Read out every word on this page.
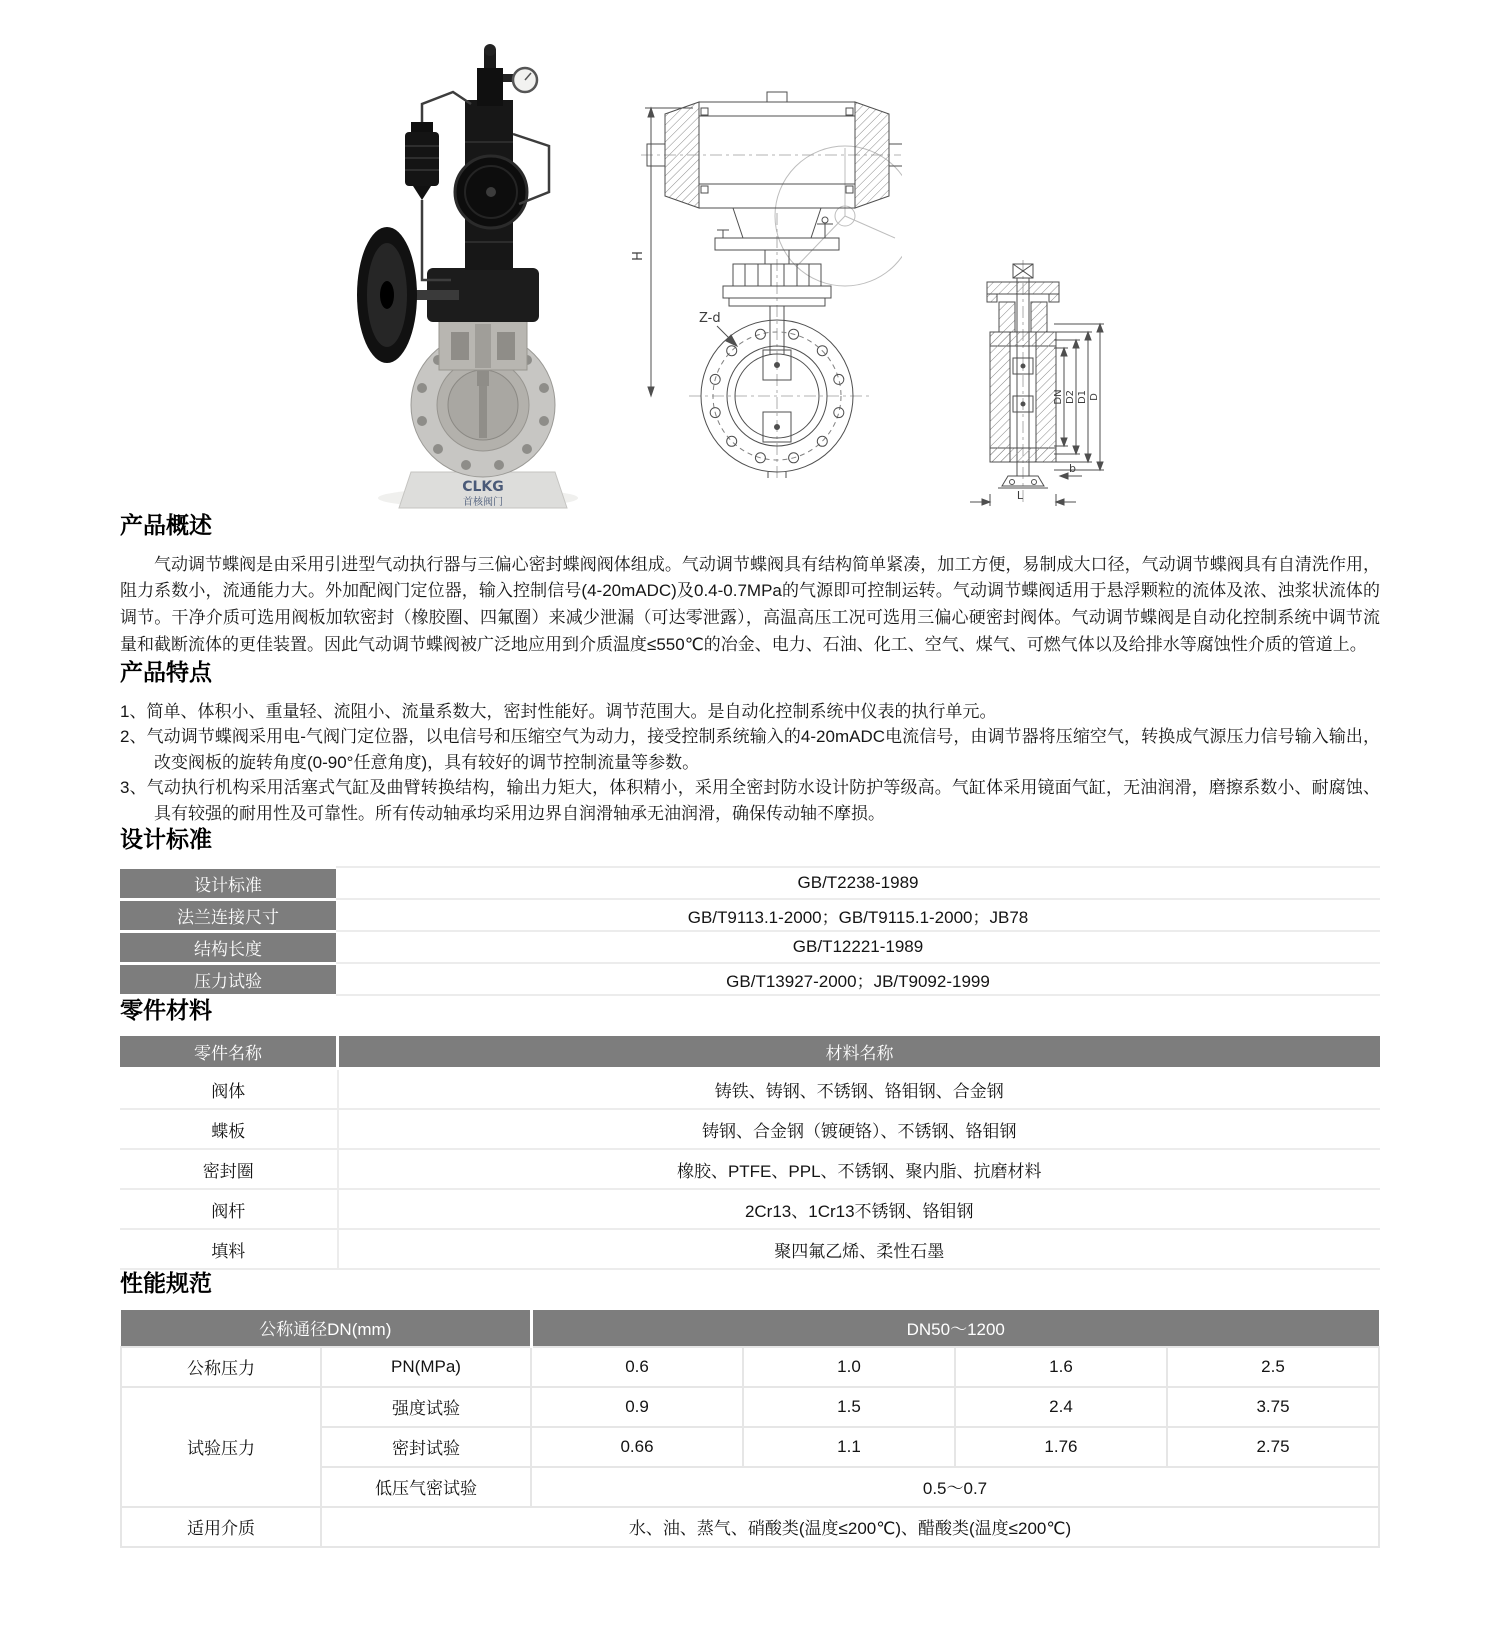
CLKG
首核阀门
H
Z-d
DN D2 D1 D
L
b
产品概述

气动调节蝶阀是由采用引进型气动执行器与三偏心密封蝶阀阀体组成。气动调节蝶阀具有结构简单紧凑，加工方便，易制成大口径，气动调节蝶阀具有自清洗作用，阻力系数小，流通能力大。外加配阀门定位器，输入控制信号(4-20mADC)及0.4-0.7MPa的气源即可控制运转。气动调节蝶阀适用于悬浮颗粒的流体及浓、浊浆状流体的调节。干净介质可选用阀板加软密封（橡胶圈、四氟圈）来减少泄漏（可达零泄露），高温高压工况可选用三偏心硬密封阀体。气动调节蝶阀是自动化控制系统中调节流量和截断流体的更佳装置。因此气动调节蝶阀被广泛地应用到介质温度≤550℃的冶金、电力、石油、化工、空气、煤气、可燃气体以及给排水等腐蚀性介质的管道上。

产品特点

1、简单、体积小、重量轻、流阻小、流量系数大，密封性能好。调节范围大。是自动化控制系统中仪表的执行单元。

2、气动调节蝶阀采用电-气阀门定位器，以电信号和压缩空气为动力，接受控制系统输入的4-20mADC电流信号，由调节器将压缩空气，转换成气源压力信号输入输出，改变阀板的旋转角度(0-90°任意角度)，具有较好的调节控制流量等参数。

3、气动执行机构采用活塞式气缸及曲臂转换结构，输出力矩大，体积精小，采用全密封防水设计防护等级高。气缸体采用镜面气缸，无油润滑，磨擦系数小、耐腐蚀、具有较强的耐用性及可靠性。所有传动轴承均采用边界自润滑轴承无油润滑，确保传动轴不摩损。

设计标准
设计标准	GB/T2238-1989
法兰连接尺寸	GB/T9113.1-2000；GB/T9115.1-2000；JB78
结构长度	GB/T12221-1989
压力试验	GB/T13927-2000；JB/T9092-1999
零件材料
零件名称	材料名称
阀体	铸铁、铸钢、不锈钢、铬钼钢、合金钢
蝶板	铸钢、合金钢（镀硬铬）、不锈钢、铬钼钢
密封圈	橡胶、PTFE、PPL、不锈钢、聚内脂、抗磨材料
阀杆	2Cr13、1Cr13不锈钢、铬钼钢
填料	聚四氟乙烯、柔性石墨
性能规范
公称通径DN(mm)		DN50～1200			
公称压力	PN(MPa)	0.6	1.0	1.6	2.5
试验压力	强度试验	0.9	1.5	2.4	3.75
	密封试验	0.66	1.1	1.76	2.75
	低压气密试验	0.5～0.7			
适用介质	水、油、蒸气、硝酸类(温度≤200℃)、醋酸类(温度≤200℃)				
